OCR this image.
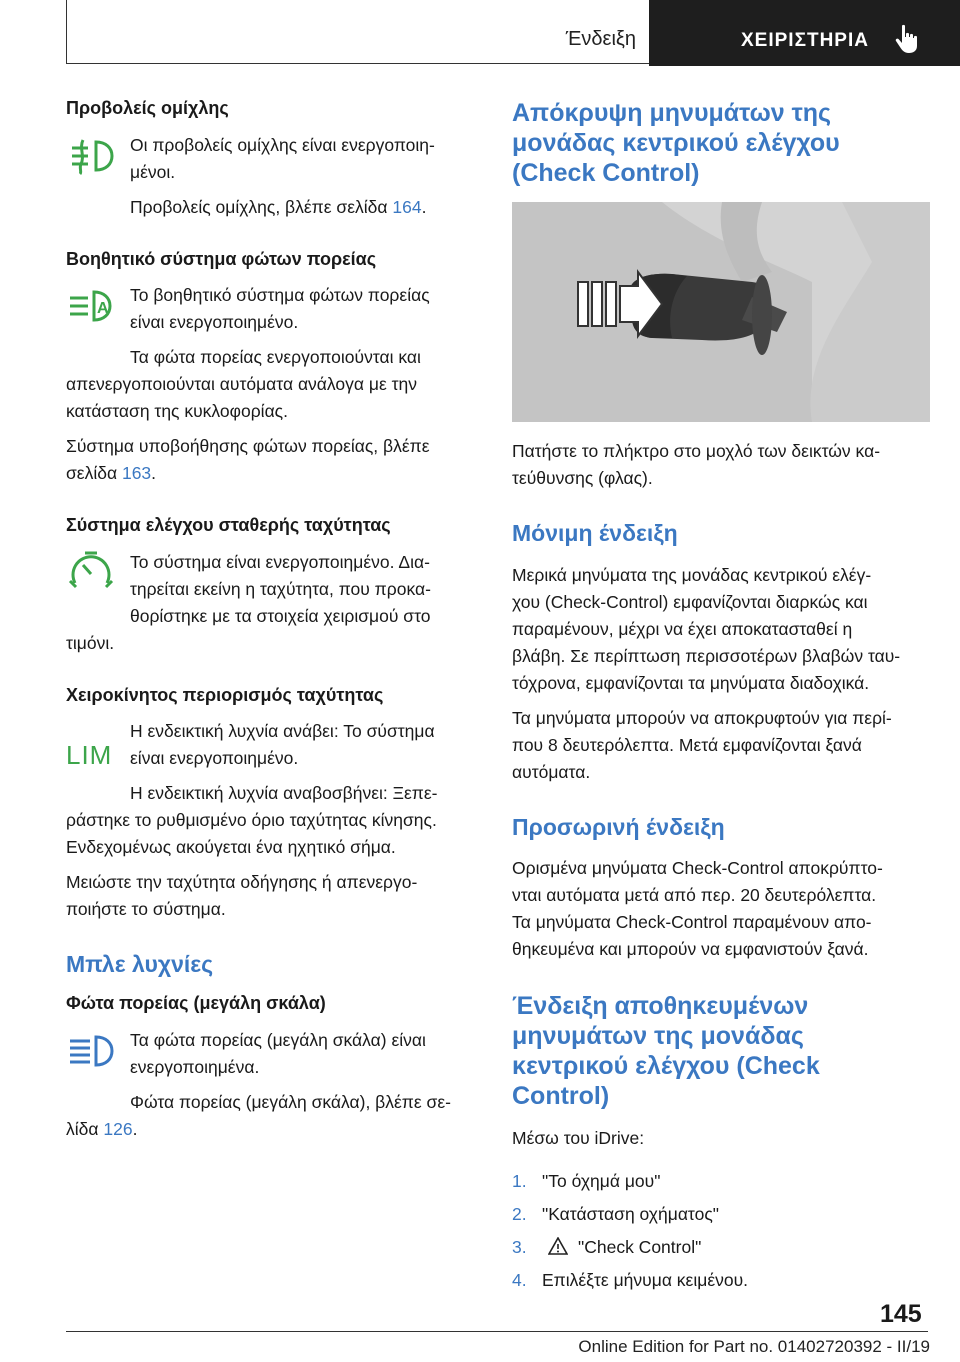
Ένδειξη	ΧΕΙΡΙΣΤΗΡΙΑ
Προβολείς ομίχλης
Οι προβολείς ομίχλης είναι ενεργοποιη-
μένοι.
Προβολείς ομίχλης, βλέπε σελίδα 164.
Βοηθητικό σύστημα φώτων πορείας
A
Το βοηθητικό σύστημα φώτων πορείας
είναι ενεργοποιημένο.
Τα φώτα πορείας ενεργοποιούνται και
απενεργοποιούνται αυτόματα ανάλογα με την
κατάσταση της κυκλοφορίας.
Σύστημα υποβοήθησης φώτων πορείας, βλέπε
σελίδα 163.
Σύστημα ελέγχου σταθερής ταχύτητας
Το σύστημα είναι ενεργοποιημένο. Δια-
τηρείται εκείνη η ταχύτητα, που προκα-
θορίστηκε με τα στοιχεία χειρισμού στο
τιμόνι.
Χειροκίνητος περιορισμός ταχύτητας
LIM
Η ενδεικτική λυχνία ανάβει: Το σύστημα
είναι ενεργοποιημένο.
Η ενδεικτική λυχνία αναβοσβήνει: Ξεπε-
ράστηκε το ρυθμισμένο όριο ταχύτητας κίνησης.
Ενδεχομένως ακούγεται ένα ηχητικό σήμα.
Μειώστε την ταχύτητα οδήγησης ή απενεργο-
ποιήστε το σύστημα.
Μπλε λυχνίες
Φώτα πορείας (μεγάλη σκάλα)
Τα φώτα πορείας (μεγάλη σκάλα) είναι
ενεργοποιημένα.
Φώτα πορείας (μεγάλη σκάλα), βλέπε σε-
λίδα 126.
Απόκρυψη μηνυμάτων της
μονάδας κεντρικού ελέγχου
(Check Control)
Πατήστε το πλήκτρο στο μοχλό των δεικτών κα-
τεύθυνσης (φλας).
Μόνιμη ένδειξη
Μερικά μηνύματα της μονάδας κεντρικού ελέγ-
χου (Check-Control) εμφανίζονται διαρκώς και
παραμένουν, μέχρι να έχει αποκατασταθεί η
βλάβη. Σε περίπτωση περισσοτέρων βλαβών ταυ-
τόχρονα, εμφανίζονται τα μηνύματα διαδοχικά.
Τα μηνύματα μπορούν να αποκρυφτούν για περί-
που 8 δευτερόλεπτα. Μετά εμφανίζονται ξανά
αυτόματα.
Προσωρινή ένδειξη
Ορισμένα μηνύματα Check-Control αποκρύπτο-
νται αυτόματα μετά από περ. 20 δευτερόλεπτα.
Τα μηνύματα Check-Control παραμένουν απο-
θηκευμένα και μπορούν να εμφανιστούν ξανά.
Ένδειξη αποθηκευμένων
μηνυμάτων της μονάδας
κεντρικού ελέγχου (Check
Control)
Μέσω του iDrive:
1. "Το όχημά μου"
2. "Κατάσταση οχήματος"
3.	"Check Control"
4. Επιλέξτε μήνυμα κειμένου.
145
Online Edition for Part no. 01402720392 - II/19
